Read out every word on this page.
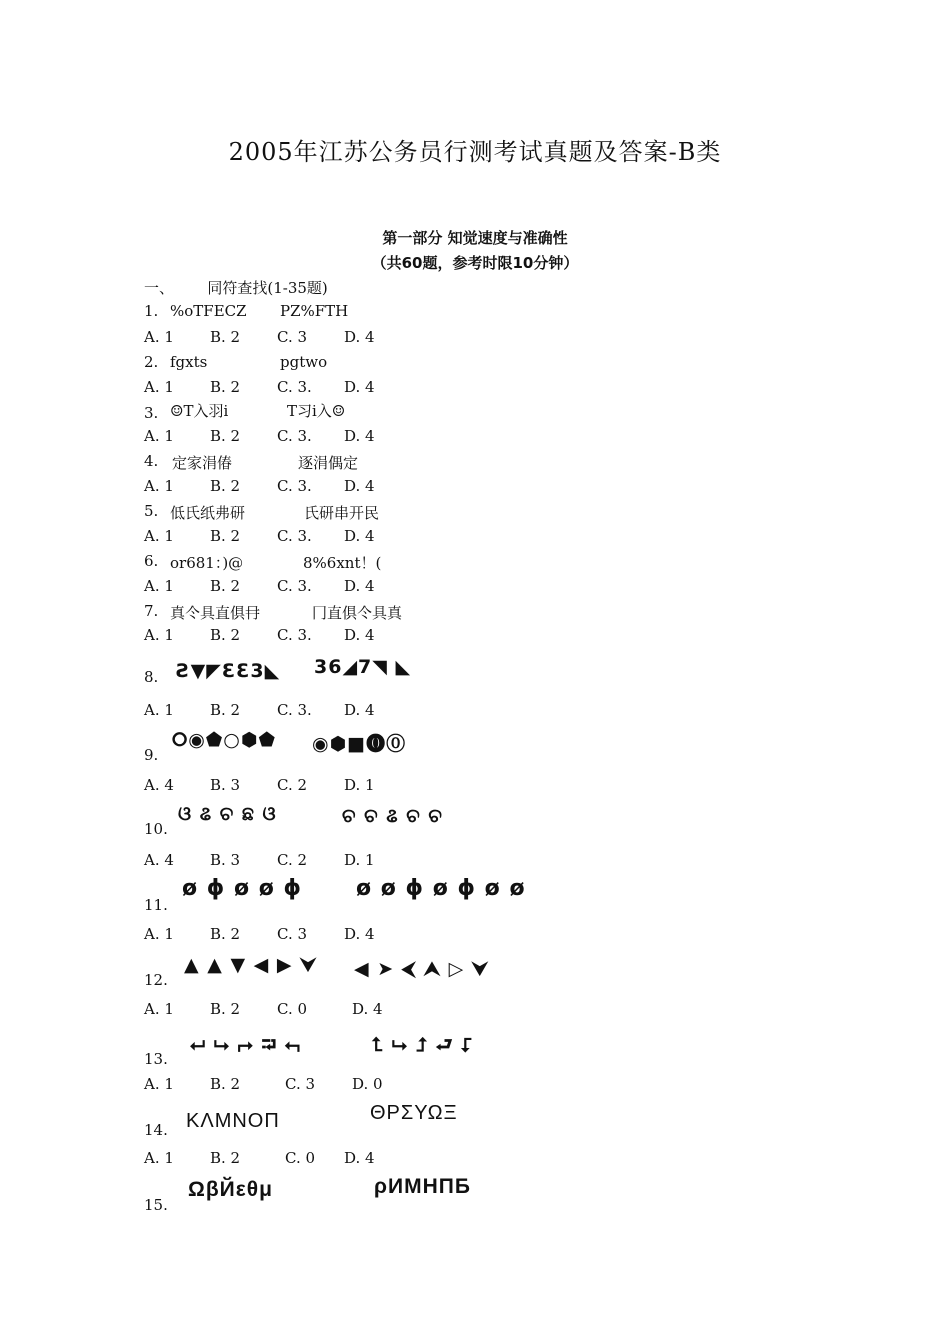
2005年江苏公务员行测考试真题及答案-B类
第一部分 知觉速度与准确性
（共60题，参考时限10分钟）
一、       同符查找(1-35题)
1. %oTFECZ PZ%FTH
A. 1 B. 2 C. 3 D. 4
2. fgxts	pgtwo
A. 1 B. 2 C. 3. D. 4
3. ☺T入羽i	T习i入☺
A. 1 B. 2 C. 3. D. 4
4. 定家涓偆	逐涓偶定
A. 1 B. 2 C. 3. D. 4
5. 低氏纸弗研	氏研串开民
A. 1 B. 2 C. 3. D. 4
6. or681：)@	8%6xnt！(
A. 1 B. 2 C. 3. D. 4
7. 真仒具直俱冄	冂直俱仒具真
A. 1 B. 2 C. 3. D. 4
8. Ƨ▼◤ƐƐ3◣ 36◢7◥ ◣
A. 1 B. 2 C. 3. D. 4
9.
⭘◉⬟○⬢⬟ ◉⬢■⓿⓪
A. 4 B. 3 C. 2 D. 1
10.
ଓ ଌ ଚ ଛ ଓ	ଚ ଚ ଌ ଚ ଚ
A. 4 B. 3 C. 2 D. 1
11.
ø ɸ ø ø ɸ ø ø ɸ ø ɸ ø ø
A. 1 B. 2 C. 3 D. 4
12.
▲ ▲ ▼ ◀ ▶ ⮟ ◀ ➤ ⮜ ⮝ ▷ ⮟
A. 1 B. 2 C. 0	D. 4
13.
⮠ ⮡ ⮣ ⮒ ⮢	⮤ ⮡ ⮥ ⮐ ⮦
A. 1 B. 2	C. 3 D. 0
14. ΚΛΜΝΟΠ	ΘΡΣΥΩΞ
A. 1 B. 2	C. 0 D. 4
15.
ΩβЙεθμ	ρИМНПБ
